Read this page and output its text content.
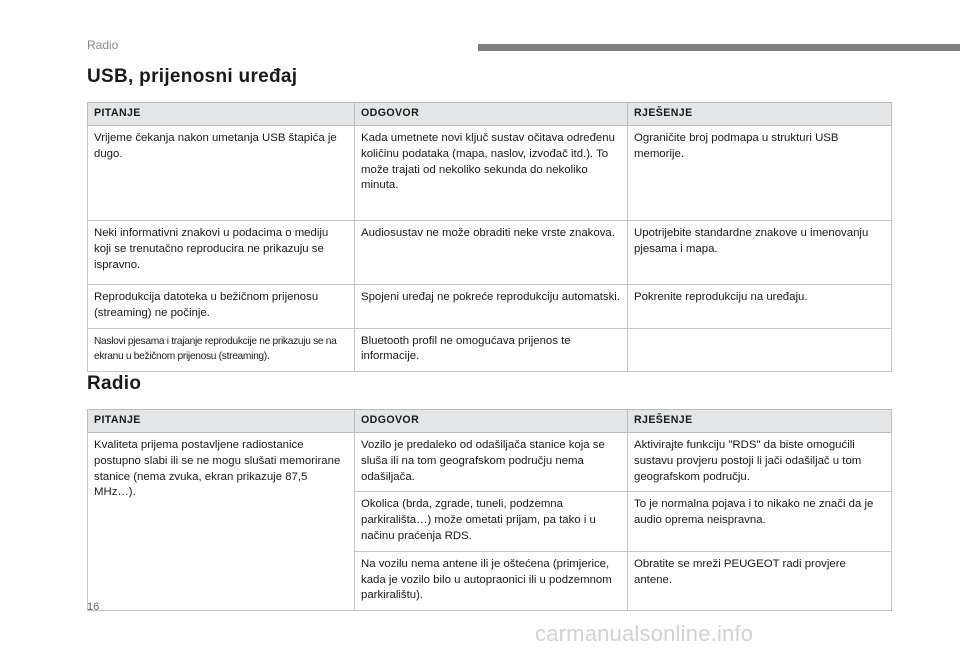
Radio
USB, prijenosni uređaj
PITANJE	ODGOVOR	RJEŠENJE
Vrijeme čekanja nakon umetanja USB štapića je dugo.	Kada umetnete novi ključ sustav očitava određenu količinu podataka (mapa, naslov, izvođač itd.). To može trajati od nekoliko sekunda do nekoliko minuta.	Ograničite broj podmapa u strukturi USB memorije.
Neki informativni znakovi u podacima o mediju koji se trenutačno reproducira ne prikazuju se ispravno.	Audiosustav ne može obraditi neke vrste znakova.	Upotrijebite standardne znakove u imenovanju pjesama i mapa.
Reprodukcija datoteka u bežičnom prijenosu (streaming) ne počinje.	Spojeni uređaj ne pokreće reprodukciju automatski.	Pokrenite reprodukciju na uređaju.
Naslovi pjesama i trajanje reprodukcije ne prikazuju se na ekranu u bežičnom prijenosu (streaming).	Bluetooth profil ne omogućava prijenos te informacije.	
Radio
PITANJE	ODGOVOR	RJEŠENJE
Kvaliteta prijema postavljene radiostanice postupno slabi ili se ne mogu slušati memorirane stanice (nema zvuka, ekran prikazuje 87,5 MHz…).	Vozilo je predaleko od odašiljača stanice koja se sluša ili na tom geografskom području nema odašiljača.	Aktivirajte funkciju "RDS" da biste omogućili sustavu provjeru postoji li jači odašiljač u tom geografskom području.
	Okolica (brda, zgrade, tuneli, podzemna parkirališta…) može ometati prijam, pa tako i u načinu praćenja RDS.	To je normalna pojava i to nikako ne znači da je audio oprema neispravna.
	Na vozilu nema antene ili je oštećena (primjerice, kada je vozilo bilo u autopraonici ili u podzemnom parkiralištu).	Obratite se mreži PEUGEOT radi provjere antene.
16
carmanualsonline.info
